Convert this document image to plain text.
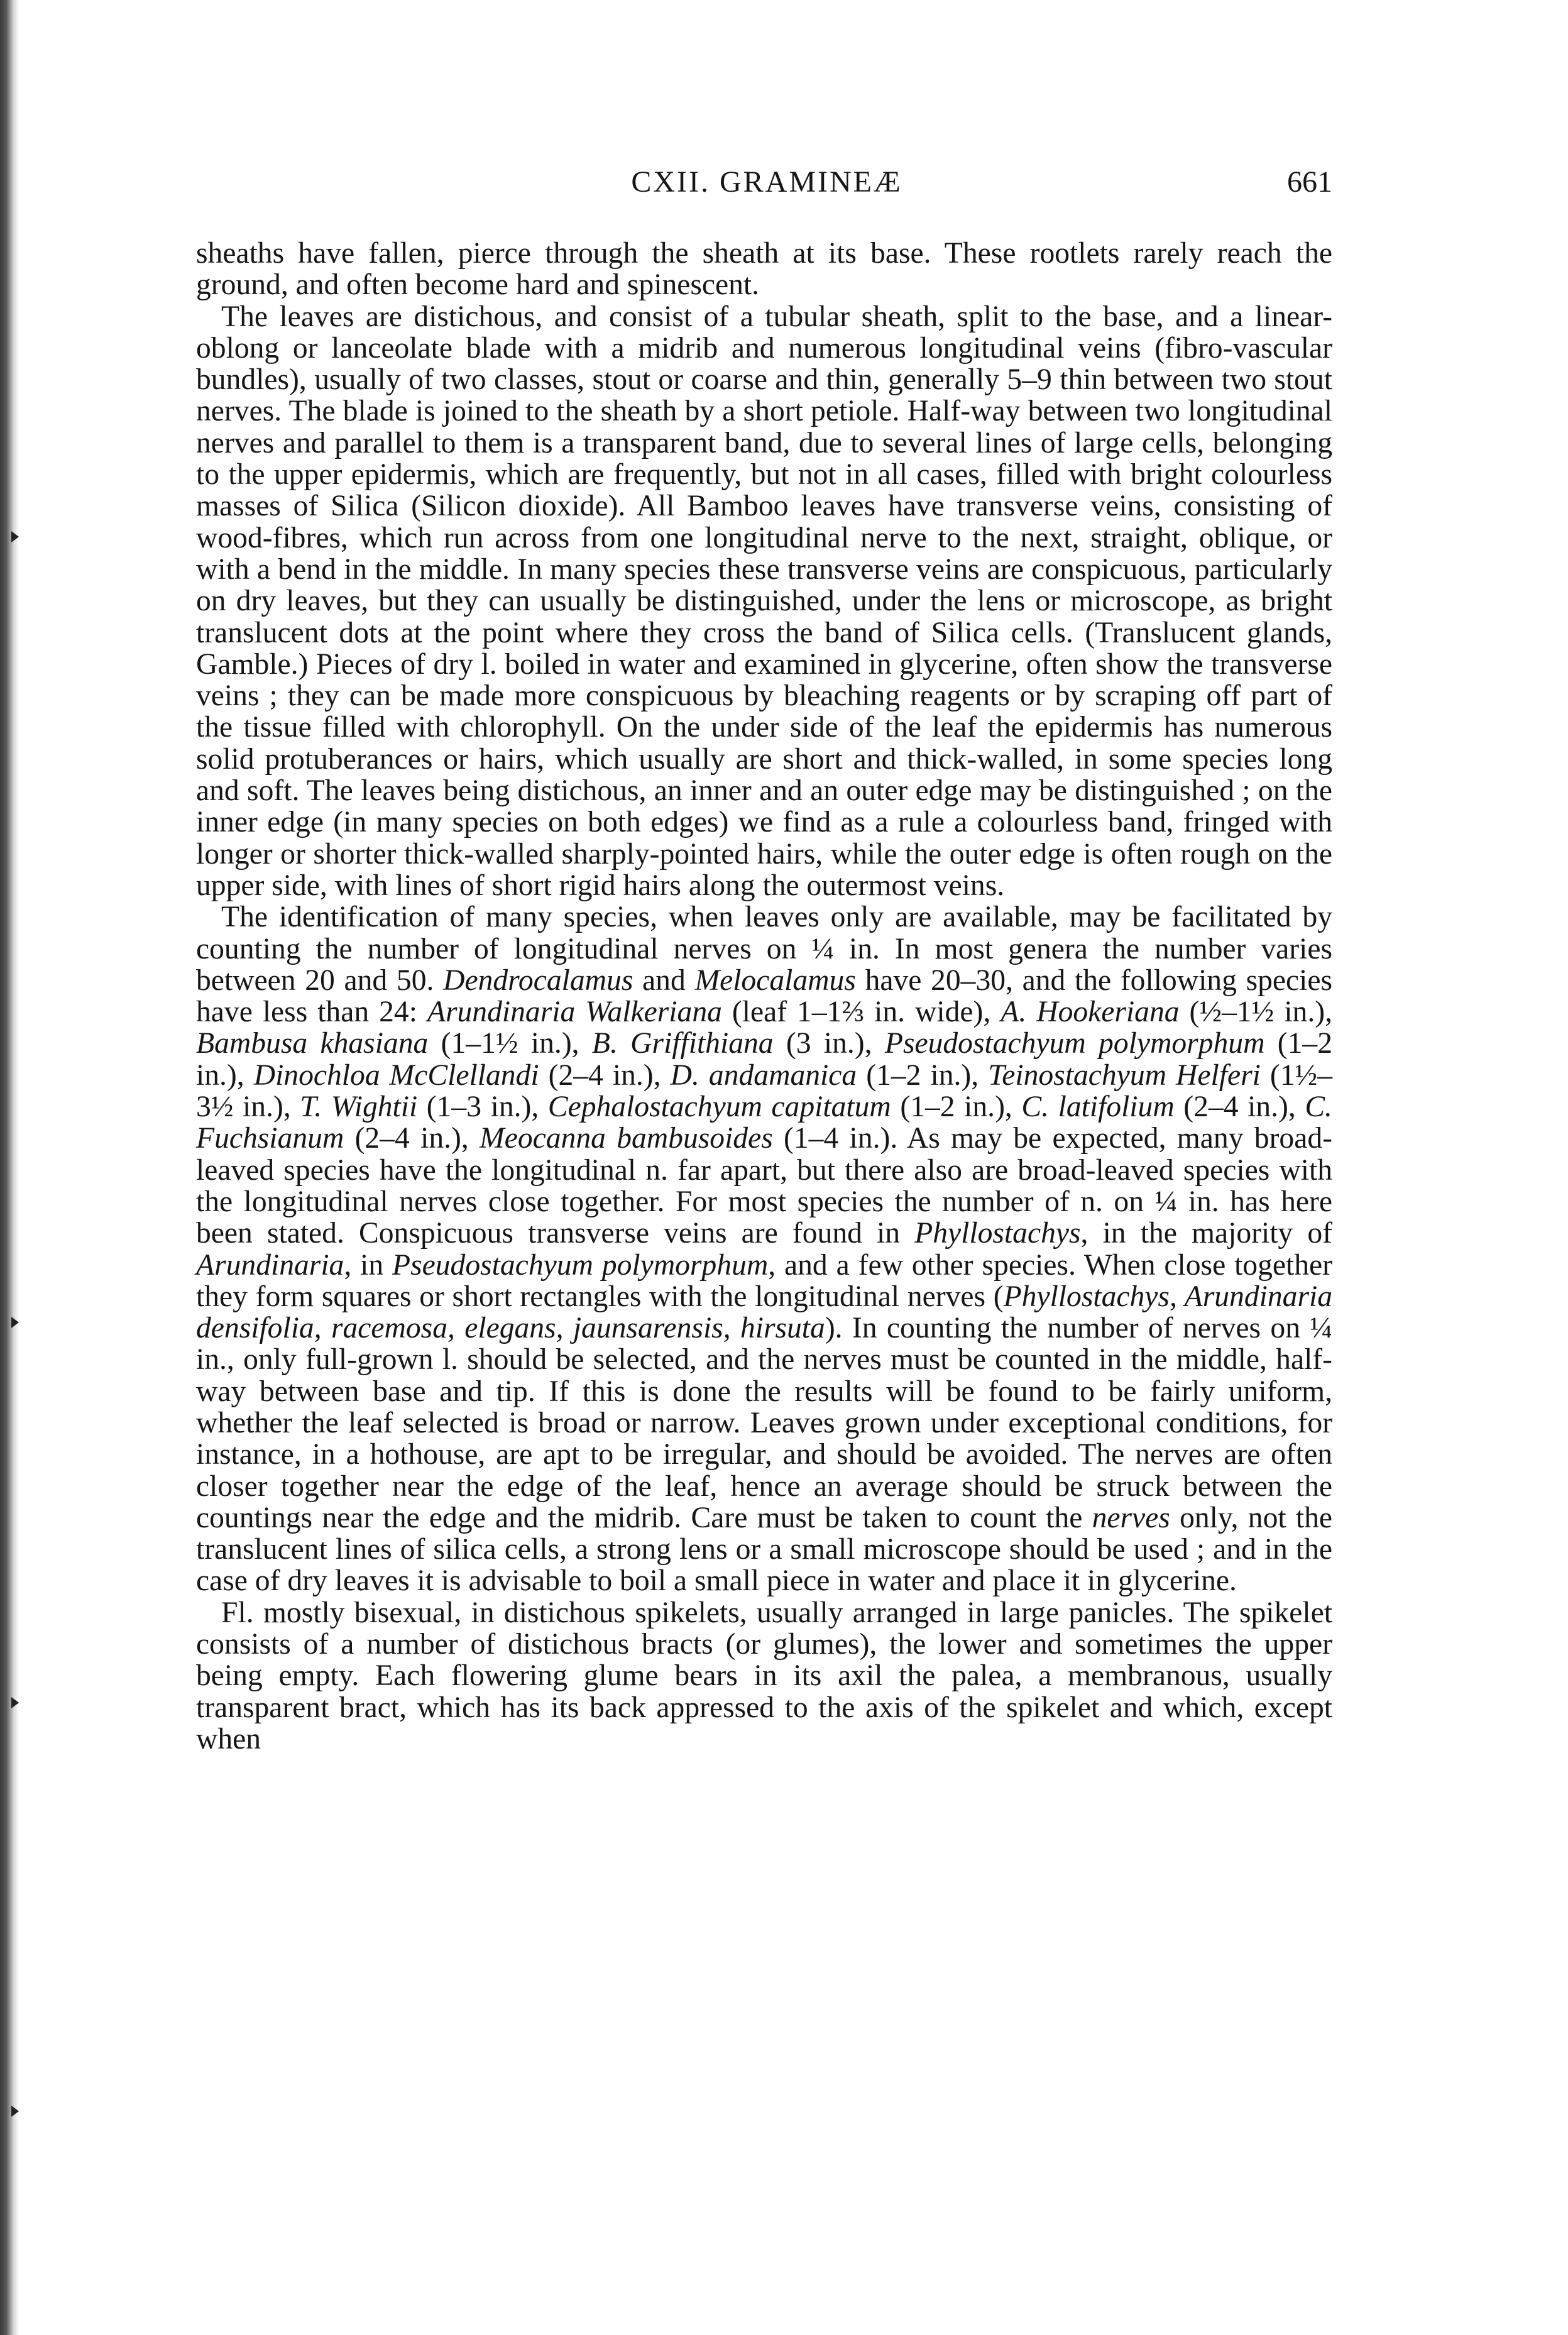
CXII. GRAMINEÆ	661

sheaths have fallen, pierce through the sheath at its base. These rootlets rarely reach the ground, and often become hard and spinescent.

The leaves are distichous, and consist of a tubular sheath, split to the base, and a linear-oblong or lanceolate blade with a midrib and numerous longitudinal veins (fibro-vascular bundles), usually of two classes, stout or coarse and thin, generally 5–9 thin between two stout nerves. The blade is joined to the sheath by a short petiole. Half-way between two longitudinal nerves and parallel to them is a transparent band, due to several lines of large cells, belonging to the upper epidermis, which are frequently, but not in all cases, filled with bright colourless masses of Silica (Silicon dioxide). All Bamboo leaves have transverse veins, consisting of wood-fibres, which run across from one longitudinal nerve to the next, straight, oblique, or with a bend in the middle. In many species these transverse veins are conspicuous, particularly on dry leaves, but they can usually be distinguished, under the lens or microscope, as bright translucent dots at the point where they cross the band of Silica cells. (Translucent glands, Gamble.) Pieces of dry l. boiled in water and examined in glycerine, often show the transverse veins ; they can be made more conspicuous by bleaching reagents or by scraping off part of the tissue filled with chlorophyll. On the under side of the leaf the epidermis has numerous solid protuberances or hairs, which usually are short and thick-walled, in some species long and soft. The leaves being distichous, an inner and an outer edge may be distinguished ; on the inner edge (in many species on both edges) we find as a rule a colourless band, fringed with longer or shorter thick-walled sharply-pointed hairs, while the outer edge is often rough on the upper side, with lines of short rigid hairs along the outermost veins.

The identification of many species, when leaves only are available, may be facilitated by counting the number of longitudinal nerves on ¼ in. In most genera the number varies between 20 and 50. Dendrocalamus and Melocalamus have 20–30, and the following species have less than 24: Arundinaria Walkeriana (leaf 1–1⅔ in. wide), A. Hookeriana (½–1½ in.), Bambusa khasiana (1–1½ in.), B. Griffithiana (3 in.), Pseudostachyum polymorphum (1–2 in.), Dinochloa McClellandi (2–4 in.), D. andamanica (1–2 in.), Teinostachyum Helferi (1½–3½ in.), T. Wightii (1–3 in.), Cephalostachyum capitatum (1–2 in.), C. latifolium (2–4 in.), C. Fuchsianum (2–4 in.), Meocanna bambusoides (1–4 in.). As may be expected, many broad-leaved species have the longitudinal n. far apart, but there also are broad-leaved species with the longitudinal nerves close together. For most species the number of n. on ¼ in. has here been stated. Conspicuous transverse veins are found in Phyllostachys, in the majority of Arundinaria, in Pseudostachyum polymorphum, and a few other species. When close together they form squares or short rectangles with the longitudinal nerves (Phyllostachys, Arundinaria densifolia, racemosa, elegans, jaunsarensis, hirsuta). In counting the number of nerves on ¼ in., only full-grown l. should be selected, and the nerves must be counted in the middle, half-way between base and tip. If this is done the results will be found to be fairly uniform, whether the leaf selected is broad or narrow. Leaves grown under exceptional conditions, for instance, in a hothouse, are apt to be irregular, and should be avoided. The nerves are often closer together near the edge of the leaf, hence an average should be struck between the countings near the edge and the midrib. Care must be taken to count the nerves only, not the translucent lines of silica cells, a strong lens or a small microscope should be used ; and in the case of dry leaves it is advisable to boil a small piece in water and place it in glycerine.

Fl. mostly bisexual, in distichous spikelets, usually arranged in large panicles. The spikelet consists of a number of distichous bracts (or glumes), the lower and sometimes the upper being empty. Each flowering glume bears in its axil the palea, a membranous, usually transparent bract, which has its back appressed to the axis of the spikelet and which, except when
